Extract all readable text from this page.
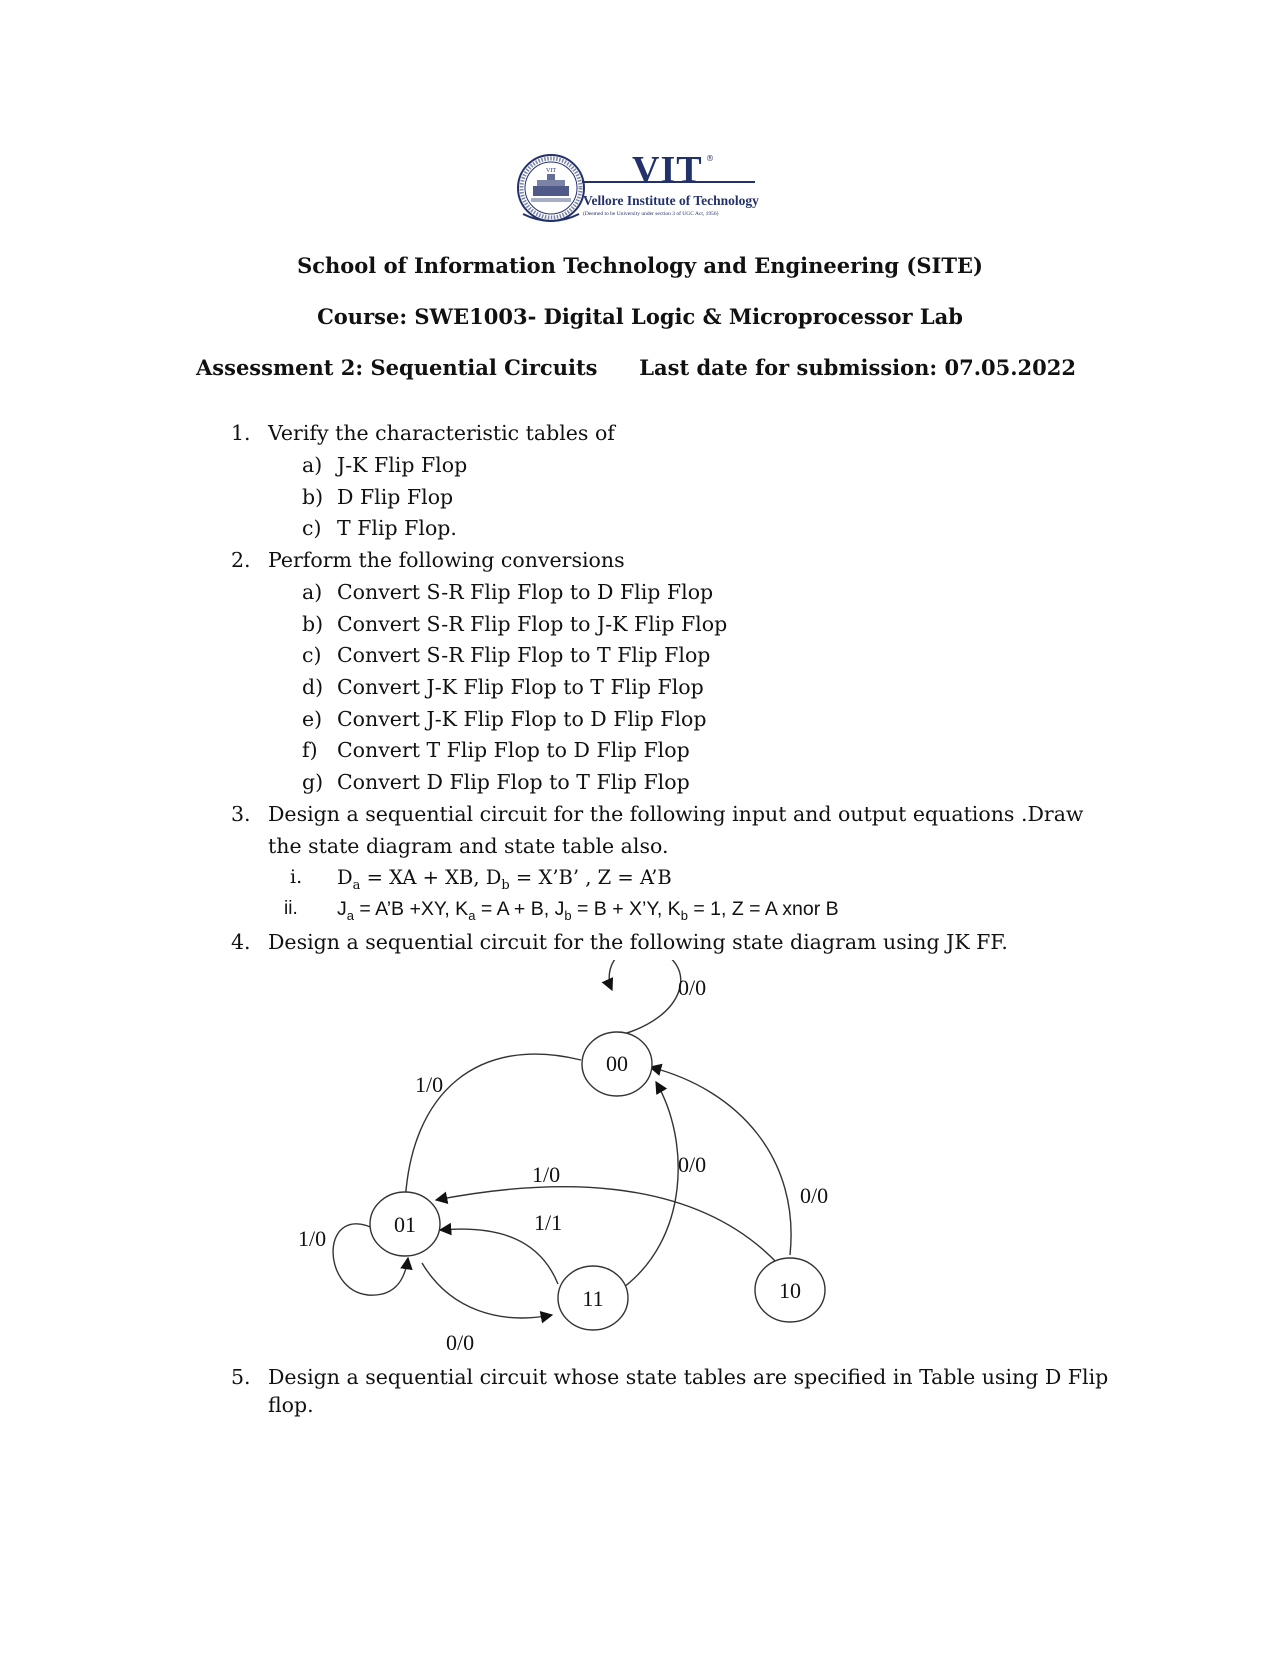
VIT VIT ®
Vellore Institute of Technology
(Deemed to be University under section 3 of UGC Act, 1956)
School of Information Technology and Engineering (SITE)
Course: SWE1003- Digital Logic & Microprocessor Lab
Assessment 2: Sequential Circuits Last date for submission: 07.05.2022
1. Verify the characteristic tables of
a) J-K Flip Flop
b) D Flip Flop
c) T Flip Flop.
2. Perform the following conversions
a) Convert S-R Flip Flop to D Flip Flop
b) Convert S-R Flip Flop to J-K Flip Flop
c) Convert S-R Flip Flop to T Flip Flop
d) Convert J-K Flip Flop to T Flip Flop
e) Convert J-K Flip Flop to D Flip Flop
f) Convert T Flip Flop to D Flip Flop
g) Convert D Flip Flop to T Flip Flop
3. Design a sequential circuit for the following input and output equations .Draw
the state diagram and state table also.
i. $D_a$ = XA + XB, $D_b$ = X’B’ , Z = A’B
ii. $J_a$ = A’B +XY, $K_a = A + B$, $J_b = B$ + X’Y, $K_b = 1$, Z = A xnor B
4. Design a sequential circuit for the following state diagram using JK FF.
00
01
11	10
0/0
1/0
1/0
0/0
1/1
0/0
1/0
0/0
5. Design a sequential circuit whose state tables are specified in Table using D Flip
flop.
